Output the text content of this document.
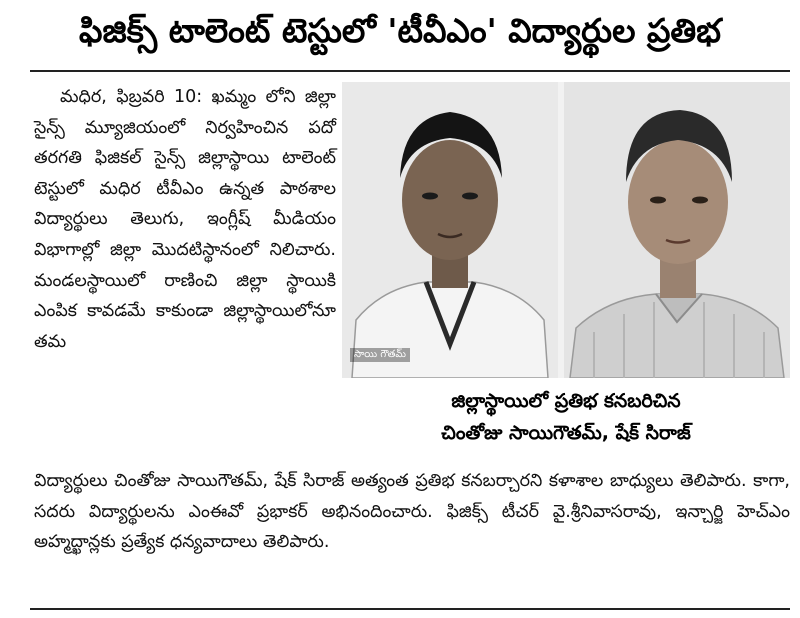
ఫిజిక్స్ టాలెంట్ టెస్టులో 'టీవీఎం' విద్యార్థుల ప్రతిభ

మధిర, ఫిబ్రవరి 10: ఖమ్మం లోని జిల్లా సైన్స్ మ్యూజియంలో నిర్వహించిన పదో తరగతి ఫిజికల్ సైన్స్ జిల్లాస్థాయి టాలెంట్ టెస్టులో మధిర టీవీఎం ఉన్నత పాఠశాల విద్యార్థులు తెలుగు, ఇంగ్లీష్ మీడియం విభాగాల్లో జిల్లా మొదటిస్థానంలో నిలిచారు. మండలస్థాయిలో రాణించి జిల్లా స్థాయికి ఎంపిక కావడమే కాకుండా జిల్లాస్థాయిలోనూ తమ

సాయి గౌతమ్
జిల్లాస్థాయిలో ప్రతిభ కనబరిచిన
చింతోజు సాయిగౌతమ్, షేక్ సిరాజ్

విద్యార్థులు చింతోజు సాయిగౌతమ్, షేక్ సిరాజ్ అత్యంత ప్రతిభ కనబర్చారని కళాశాల బాధ్యులు తెలిపారు. కాగా, సదరు విద్యార్థులను ఎంఈవో ప్రభాకర్ అభినందించారు. ఫిజిక్స్ టీచర్ వై.శ్రీనివాసరావు, ఇన్చార్జి హెచ్ఎం అహ్మద్ఖాన్లకు ప్రత్యేక ధన్యవాదాలు తెలిపారు.
